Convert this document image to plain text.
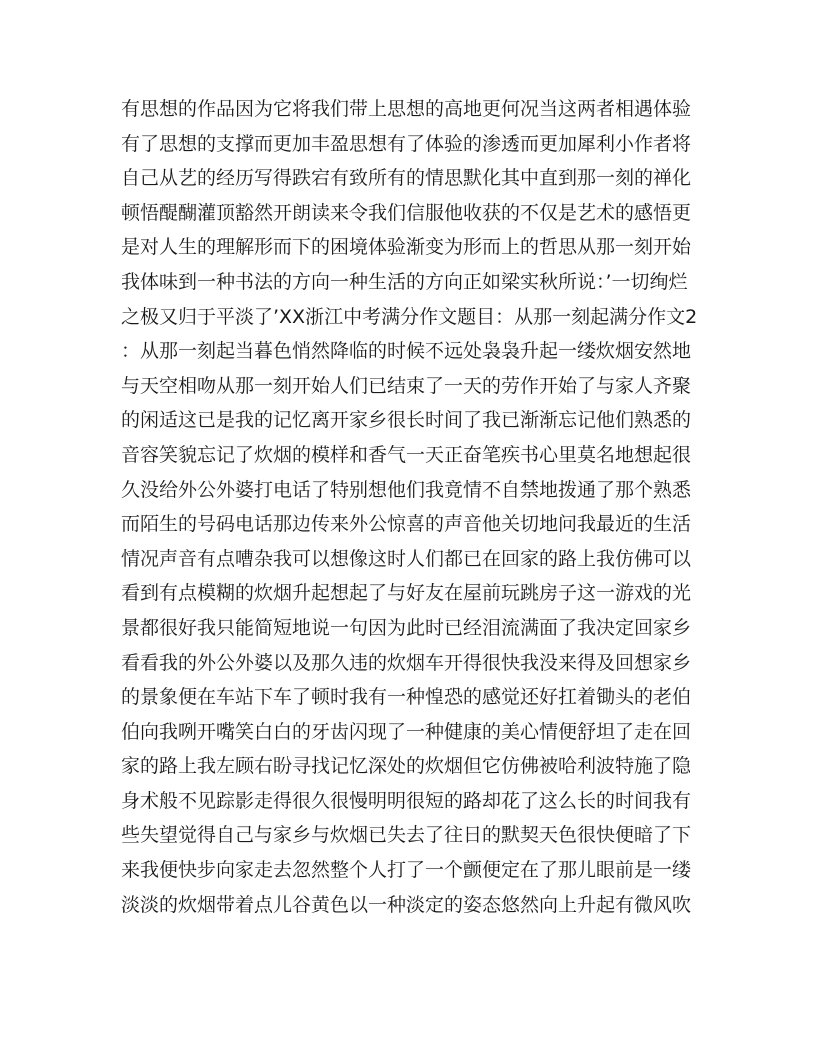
有思想的作品因为它将我们带上思想的高地更何况当这两者相遇体验
有了思想的支撑而更加丰盈思想有了体验的渗透而更加犀利小作者将
自己从艺的经历写得跌宕有致所有的情思默化其中直到那一刻的禅化
顿悟醍醐灌顶豁然开朗读来令我们信服他收获的不仅是艺术的感悟更
是对人生的理解形而下的困境体验渐变为形而上的哲思从那一刻开始
我体味到一种书法的方向一种生活的方向正如梁实秋所说：’一切绚烂
之极又归于平淡了’XX浙江中考满分作文题目：从那一刻起满分作文2
：从那一刻起当暮色悄然降临的时候不远处袅袅升起一缕炊烟安然地
与天空相吻从那一刻开始人们已结束了一天的劳作开始了与家人齐聚
的闲适这已是我的记忆离开家乡很长时间了我已渐渐忘记他们熟悉的
音容笑貌忘记了炊烟的模样和香气一天正奋笔疾书心里莫名地想起很
久没给外公外婆打电话了特别想他们我竟情不自禁地拨通了那个熟悉
而陌生的号码电话那边传来外公惊喜的声音他关切地问我最近的生活
情况声音有点嘈杂我可以想像这时人们都已在回家的路上我仿佛可以
看到有点模糊的炊烟升起想起了与好友在屋前玩跳房子这一游戏的光
景都很好我只能简短地说一句因为此时已经泪流满面了我决定回家乡
看看我的外公外婆以及那久违的炊烟车开得很快我没来得及回想家乡
的景象便在车站下车了顿时我有一种惶恐的感觉还好扛着锄头的老伯
伯向我咧开嘴笑白白的牙齿闪现了一种健康的美心情便舒坦了走在回
家的路上我左顾右盼寻找记忆深处的炊烟但它仿佛被哈利波特施了隐
身术般不见踪影走得很久很慢明明很短的路却花了这么长的时间我有
些失望觉得自己与家乡与炊烟已失去了往日的默契天色很快便暗了下
来我便快步向家走去忽然整个人打了一个颤便定在了那儿眼前是一缕
淡淡的炊烟带着点儿谷黄色以一种淡定的姿态悠然向上升起有微风吹
